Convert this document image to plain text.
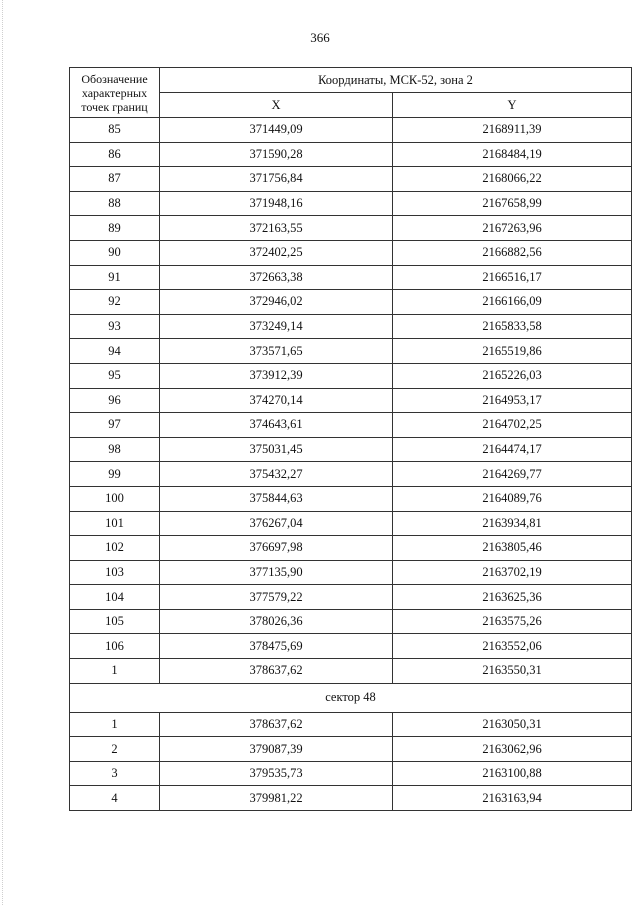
366
Обозначение характерных точек границ	Координаты, МСК-52, зона 2	
	X	Y
85	371449,09	2168911,39
86	371590,28	2168484,19
87	371756,84	2168066,22
88	371948,16	2167658,99
89	372163,55	2167263,96
90	372402,25	2166882,56
91	372663,38	2166516,17
92	372946,02	2166166,09
93	373249,14	2165833,58
94	373571,65	2165519,86
95	373912,39	2165226,03
96	374270,14	2164953,17
97	374643,61	2164702,25
98	375031,45	2164474,17
99	375432,27	2164269,77
100	375844,63	2164089,76
101	376267,04	2163934,81
102	376697,98	2163805,46
103	377135,90	2163702,19
104	377579,22	2163625,36
105	378026,36	2163575,26
106	378475,69	2163552,06
1	378637,62	2163550,31
сектор 48		
1	378637,62	2163050,31
2	379087,39	2163062,96
3	379535,73	2163100,88
4	379981,22	2163163,94
